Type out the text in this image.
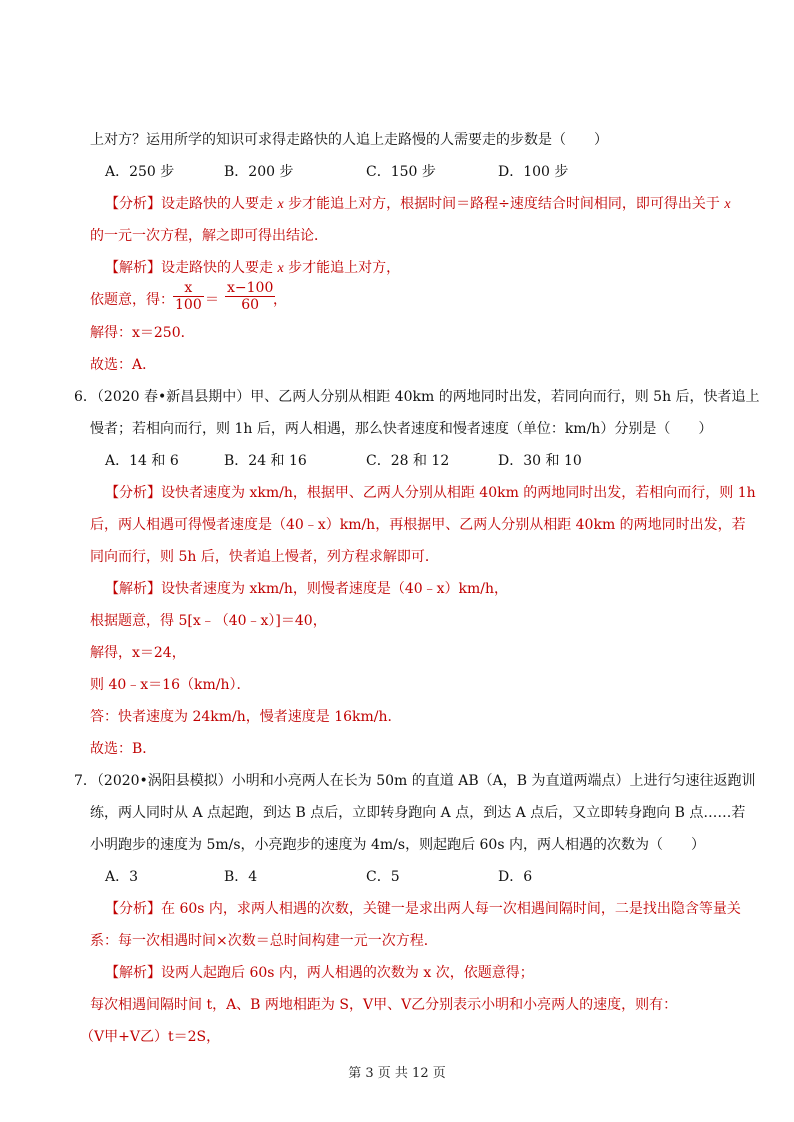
上对方？运用所学的知识可求得走路快的人追上走路慢的人需要走的步数是（　　）
A．250 步	B．200 步	C．150 步	D．100 步
【分析】设走路快的人要走 x 步才能追上对方，根据时间＝路程÷速度结合时间相同，即可得出关于 x
的一元一次方程，解之即可得出结论．
【解析】设走路快的人要走 x 步才能追上对方，
依题意，得： $\frac{x}{100} = \frac{x-100}{60}$
，
解得：x＝250．
故选：A．
6．（2020 春•新昌县期中）甲、乙两人分别从相距 40km 的两地同时出发，若同向而行，则 5h 后，快者追上
慢者；若相向而行，则 1h 后，两人相遇，那么快者速度和慢者速度（单位：km/h）分别是（　　）
A．14 和 6	B．24 和 16	C．28 和 12	D．30 和 10
【分析】设快者速度为 xkm/h，根据甲、乙两人分别从相距 40km 的两地同时出发，若相向而行，则 1h
后，两人相遇可得慢者速度是（40﹣x）km/h，再根据甲、乙两人分别从相距 40km 的两地同时出发，若
同向而行，则 5h 后，快者追上慢者，列方程求解即可．
【解析】设快者速度为 xkm/h，则慢者速度是（40﹣x）km/h，
根据题意，得 5[x﹣（40﹣x）]＝40，
解得，x＝24，
则 40﹣x＝16（km/h）．
答：快者速度为 24km/h，慢者速度是 16km/h．
故选：B．
7．（2020•涡阳县模拟）小明和小亮两人在长为 50m 的直道 AB（A，B 为直道两端点）上进行匀速往返跑训
练，两人同时从 A 点起跑，到达 B 点后，立即转身跑向 A 点，到达 A 点后，又立即转身跑向 B 点……若
小明跑步的速度为 5m/s，小亮跑步的速度为 4m/s，则起跑后 60s 内，两人相遇的次数为（　　）
A．3	B．4	C．5	D．6
【分析】在 60s 内，求两人相遇的次数，关键一是求出两人每一次相遇间隔时间，二是找出隐含等量关
系：每一次相遇时间×次数＝总时间构建一元一次方程．
【解析】设两人起跑后 60s 内，两人相遇的次数为 x 次，依题意得；
每次相遇间隔时间 t，A、B 两地相距为 S，V甲、V乙分别表示小明和小亮两人的速度，则有：
（V甲+V乙）t＝2S，
第 3 页 共 12 页
